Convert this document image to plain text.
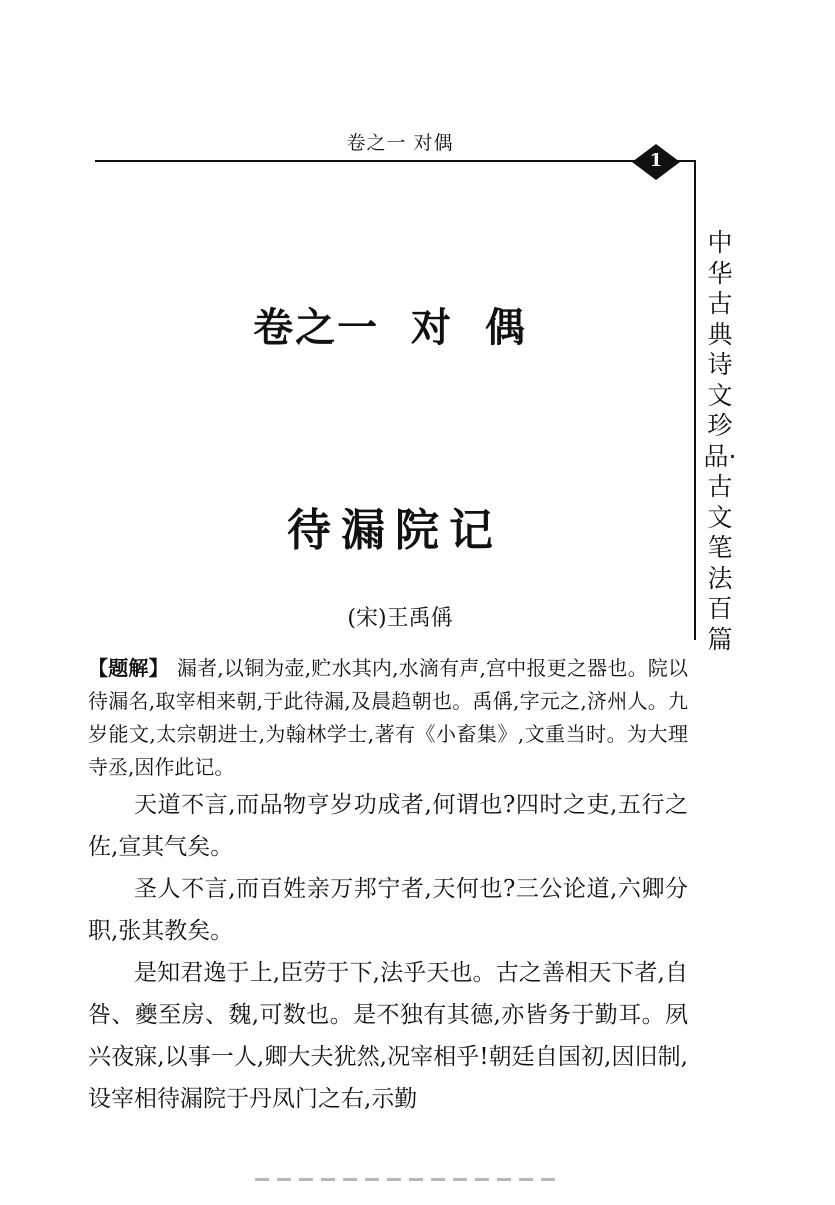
卷之一 对偶
1
中华古典诗文珍品·古文笔法百篇
卷之一  对  偶
待漏院记
(宋)王禹偁
【题解】 漏者,以铜为壶,贮水其内,水滴有声,宫中报更之器也。院以待漏名,取宰相来朝,于此待漏,及晨趋朝也。禹偁,字元之,济州人。九岁能文,太宗朝进士,为翰林学士,著有《小畜集》,文重当时。为大理寺丞,因作此记。

天道不言,而品物亨岁功成者,何谓也?四时之吏,五行之佐,宣其气矣。

圣人不言,而百姓亲万邦宁者,天何也?三公论道,六卿分职,张其教矣。

是知君逸于上,臣劳于下,法乎天也。古之善相天下者,自咎、夔至房、魏,可数也。是不独有其德,亦皆务于勤耳。夙兴夜寐,以事一人,卿大夫犹然,况宰相乎!朝廷自国初,因旧制,设宰相待漏院于丹凤门之右,示勤
